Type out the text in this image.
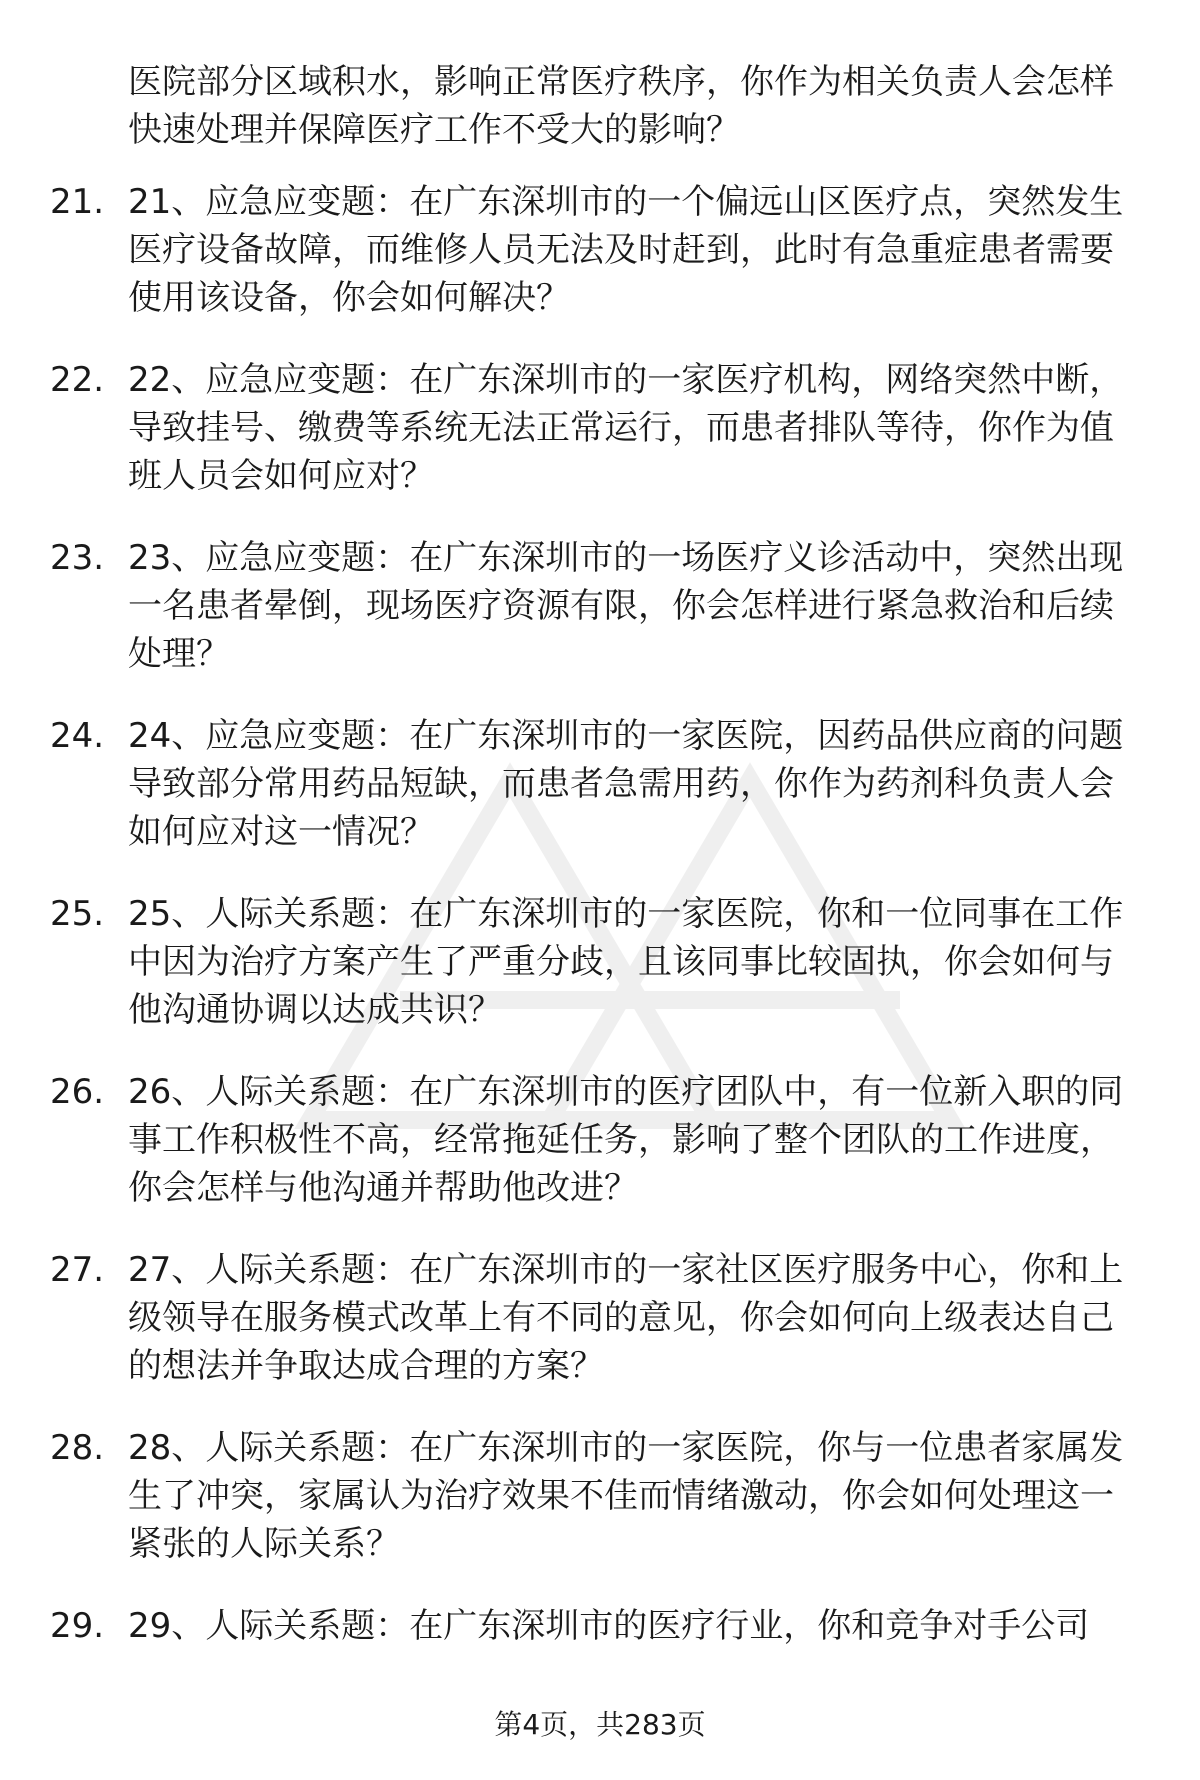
医院部分区域积水，影响正常医疗秩序，你作为相关负责人会怎样快速处理并保障医疗工作不受大的影响？

21. 21、应急应变题：在广东深圳市的一个偏远山区医疗点，突然发生医疗设备故障，而维修人员无法及时赶到，此时有急重症患者需要使用该设备，你会如何解决？
22. 22、应急应变题：在广东深圳市的一家医疗机构，网络突然中断，导致挂号、缴费等系统无法正常运行，而患者排队等待，你作为值班人员会如何应对？
23. 23、应急应变题：在广东深圳市的一场医疗义诊活动中，突然出现一名患者晕倒，现场医疗资源有限，你会怎样进行紧急救治和后续处理？
24. 24、应急应变题：在广东深圳市的一家医院，因药品供应商的问题导致部分常用药品短缺，而患者急需用药，你作为药剂科负责人会如何应对这一情况？
25. 25、人际关系题：在广东深圳市的一家医院，你和一位同事在工作中因为治疗方案产生了严重分歧，且该同事比较固执，你会如何与他沟通协调以达成共识？
26. 26、人际关系题：在广东深圳市的医疗团队中，有一位新入职的同事工作积极性不高，经常拖延任务，影响了整个团队的工作进度，你会怎样与他沟通并帮助他改进？
27. 27、人际关系题：在广东深圳市的一家社区医疗服务中心，你和上级领导在服务模式改革上有不同的意见，你会如何向上级表达自己的想法并争取达成合理的方案？
28. 28、人际关系题：在广东深圳市的一家医院，你与一位患者家属发生了冲突，家属认为治疗效果不佳而情绪激动，你会如何处理这一紧张的人际关系？
29. 29、人际关系题：在广东深圳市的医疗行业，你和竞争对手公司
第4页，共283页
